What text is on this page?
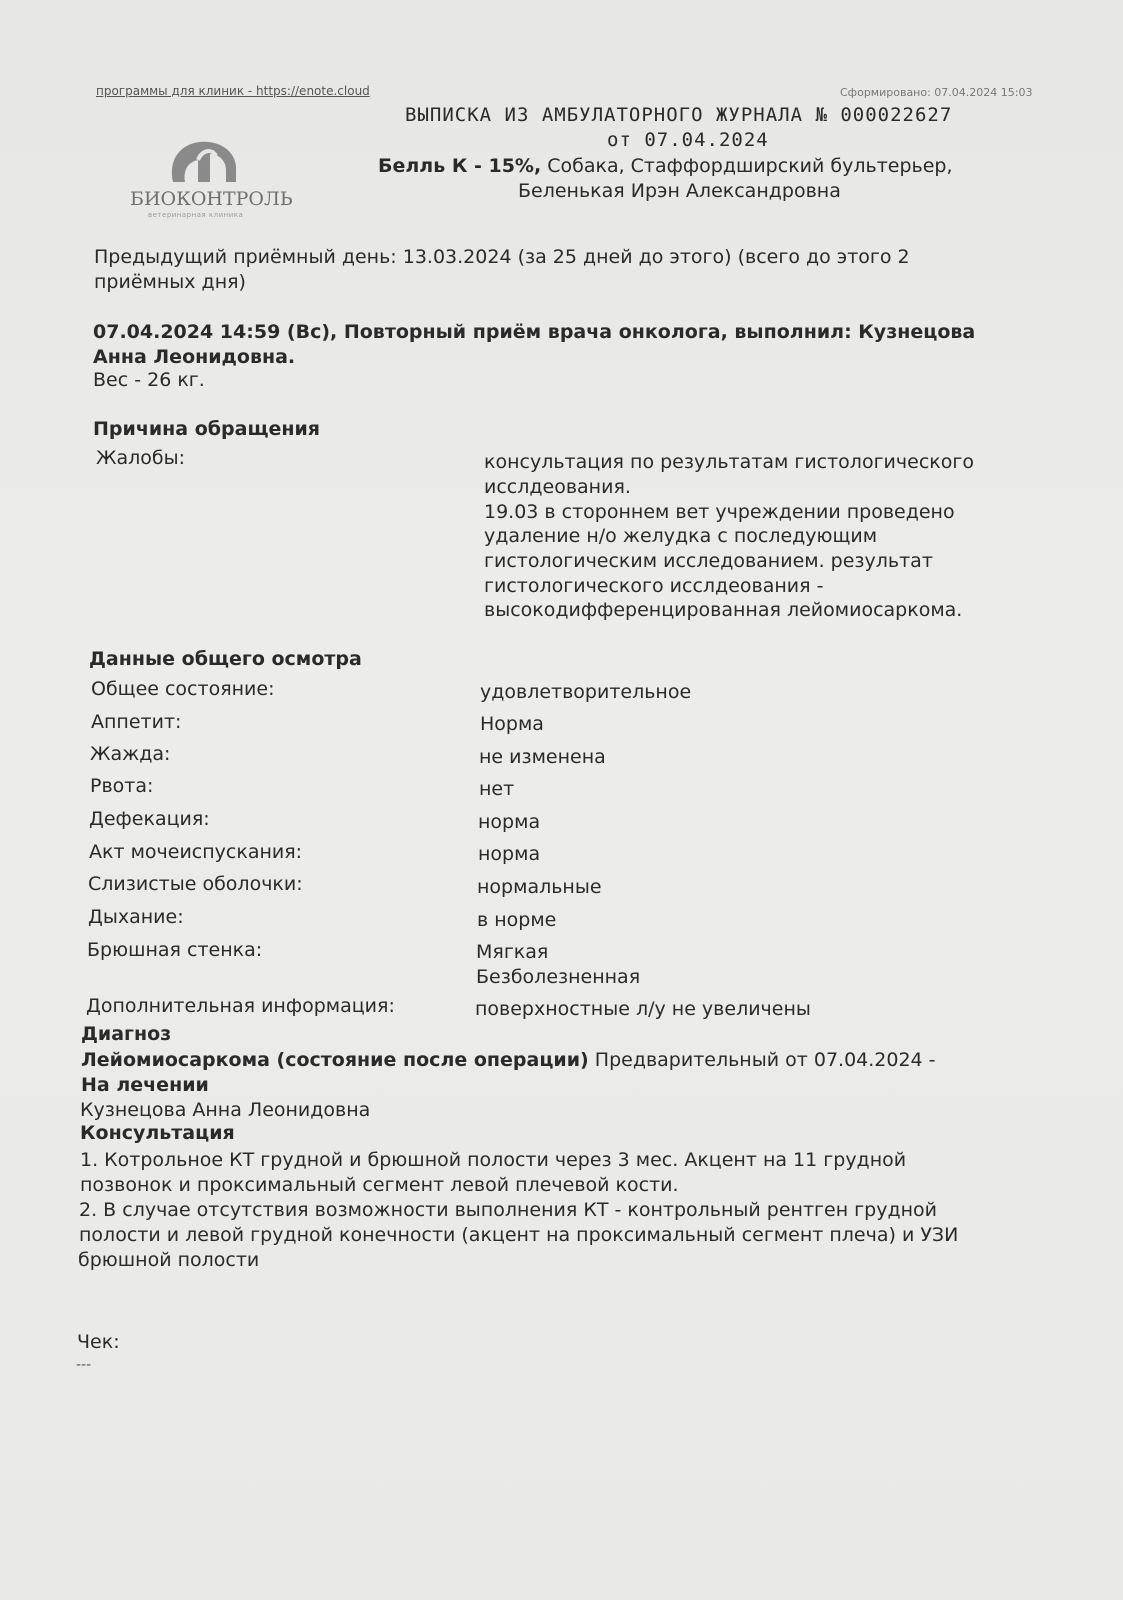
программы для клиник - https://enote.cloud	Сформировано: 07.04.2024 15:03
БИОКОНТРОЛЬ
ветеринарная клиника
ВЫПИСКА ИЗ АМБУЛАТОРНОГО ЖУРНАЛА № 000022627
от 07.04.2024
Белль К - 15%, Собака, Стаффордширский бультерьер,
Беленькая Ирэн Александровна
Предыдущий приёмный день: 13.03.2024 (за 25 дней до этого) (всего до этого 2
приёмных дня)
07.04.2024 14:59 (Вс), Повторный приём врача онколога, выполнил: Кузнецова
Анна Леонидовна.
Вес - 26 кг.
Причина обращения
Жалобы:	консультация по результатам гистологического
исслдеования.
19.03 в стороннем вет учреждении проведено
удаление н/о желудка с последующим
гистологическим исследованием. результат
гистологического исслдеования -
высокодифференцированная лейомиосаркома.
Данные общего осмотра
Общее состояние:	удовлетворительное
Аппетит:	Норма
Жажда:	не изменена
Рвота:	нет
Дефекация:	норма
Акт мочеиспускания:	норма
Слизистые оболочки:	нормальные
Дыхание:	в норме
Брюшная стенка:	Мягкая
Безболезненная
Дополнительная информация:	поверхностные л/у не увеличены
Диагноз
Лейомиосаркома (состояние после операции) Предварительный от 07.04.2024 -
На лечении
Кузнецова Анна Леонидовна
Консультация
1. Котрольное КТ грудной и брюшной полости через 3 мес. Акцент на 11 грудной
позвонок и проксимальный сегмент левой плечевой кости.
2. В случае отсутствия возможности выполнения КТ - контрольный рентген грудной
полости и левой грудной конечности (акцент на проксимальный сегмент плеча) и УЗИ
брюшной полости
Чек:
---
